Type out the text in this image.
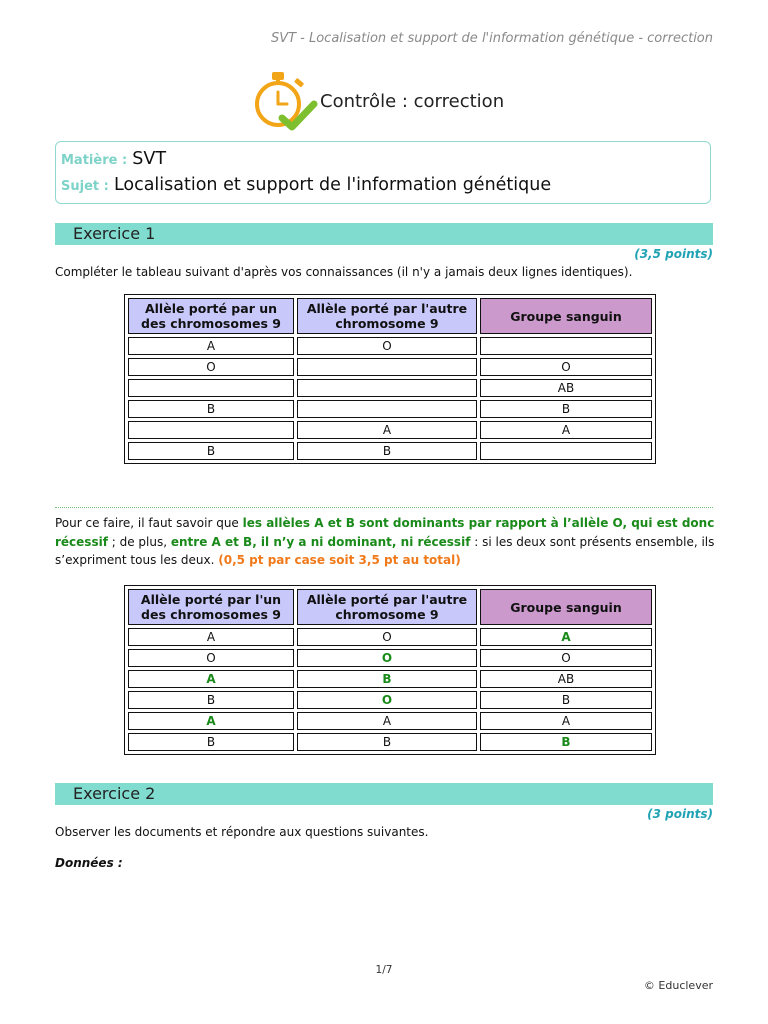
SVT - Localisation et support de l'information génétique - correction
Contrôle : correction
Matière : SVT
Sujet : Localisation et support de l'information génétique
Exercice 1
(3,5 points)
Compléter le tableau suivant d'après vos connaissances (il n'y a jamais deux lignes identiques).
Allèle porté par un des chromosomes 9	Allèle porté par l'autre chromosome 9	Groupe sanguin
A	O	
O		O
		AB
B		B
	A	A
B	B	
Pour ce faire, il faut savoir que les allèles A et B sont dominants par rapport à l’allèle O, qui est donc récessif ; de plus, entre A et B, il n’y a ni dominant, ni récessif : si les deux sont présents ensemble, ils s’expriment tous les deux. (0,5 pt par case soit 3,5 pt au total)
Allèle porté par l'un des chromosomes 9	Allèle porté par l'autre chromosome 9	Groupe sanguin
A	O	A
O	O	O
A	B	AB
B	O	B
A	A	A
B	B	B
Exercice 2
(3 points)
Observer les documents et répondre aux questions suivantes.
Données :
1/7
© Educlever
